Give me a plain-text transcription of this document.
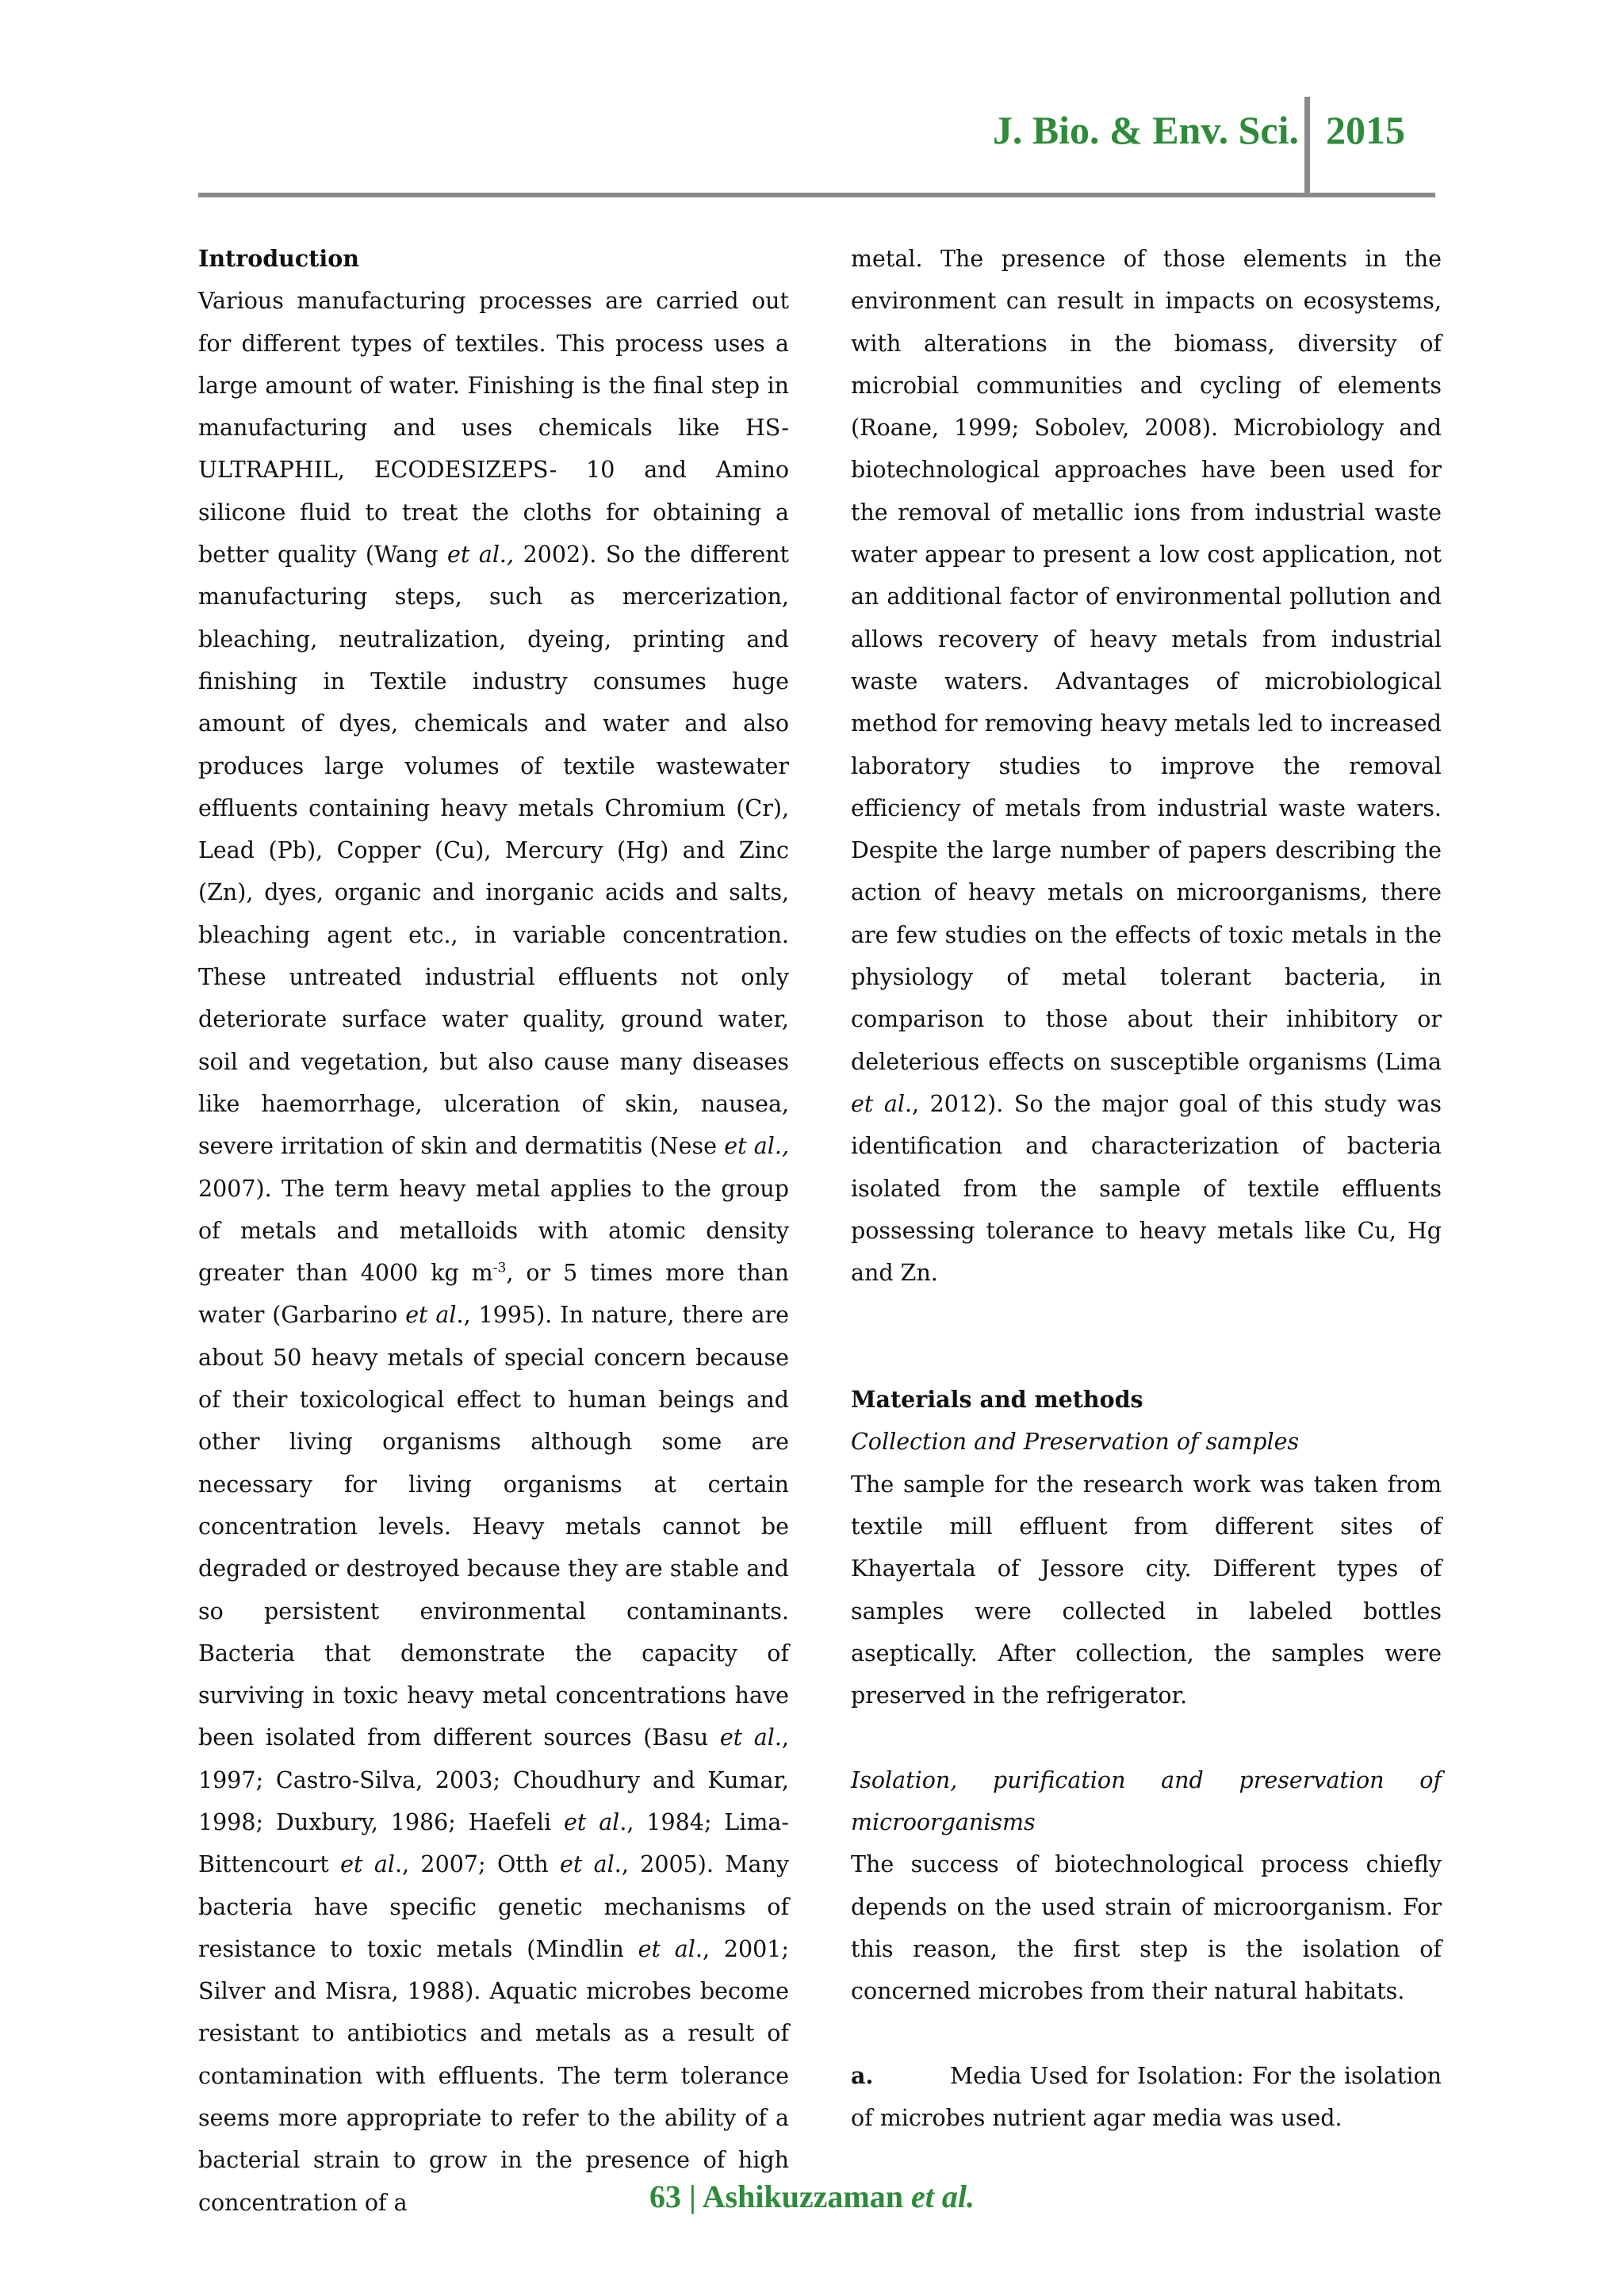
J. Bio. & Env. Sci. 2015

Introduction

Various manufacturing processes are carried out for different types of textiles. This process uses a large amount of water. Finishing is the final step in manufacturing and uses chemicals like HS-ULTRAPHIL, ECODESIZEPS- 10 and Amino silicone fluid to treat the cloths for obtaining a better quality (Wang et al., 2002). So the different manufacturing steps, such as mercerization, bleaching, neutralization, dyeing, printing and finishing in Textile industry consumes huge amount of dyes, chemicals and water and also produces large volumes of textile wastewater effluents containing heavy metals Chromium (Cr), Lead (Pb), Copper (Cu), Mercury (Hg) and Zinc (Zn), dyes, organic and inorganic acids and salts, bleaching agent etc., in variable concentration. These untreated industrial effluents not only deteriorate surface water quality, ground water, soil and vegetation, but also cause many diseases like haemorrhage, ulceration of skin, nausea, severe irritation of skin and dermatitis (Nese et al., 2007). The term heavy metal applies to the group of metals and metalloids with atomic density greater than 4000 kg $m^{-3}$, or 5 times more than water (Garbarino et al., 1995). In nature, there are about 50 heavy metals of special concern because of their toxicological effect to human beings and other living organisms although some are necessary for living organisms at certain concentration levels. Heavy metals cannot be degraded or destroyed because they are stable and so persistent environmental contaminants. Bacteria that demonstrate the capacity of surviving in toxic heavy metal concentrations have been isolated from different sources (Basu et al., 1997; Castro-Silva, 2003; Choudhury and Kumar, 1998; Duxbury, 1986; Haefeli et al., 1984; Lima-Bittencourt et al., 2007; Otth et al., 2005). Many bacteria have specific genetic mechanisms of resistance to toxic metals (Mindlin et al., 2001; Silver and Misra, 1988). Aquatic microbes become resistant to antibiotics and metals as a result of contamination with effluents. The term tolerance seems more appropriate to refer to the ability of a bacterial strain to grow in the presence of high concentration of a

metal. The presence of those elements in the environment can result in impacts on ecosystems, with alterations in the biomass, diversity of microbial communities and cycling of elements (Roane, 1999; Sobolev, 2008). Microbiology and biotechnological approaches have been used for the removal of metallic ions from industrial waste water appear to present a low cost application, not an additional factor of environmental pollution and allows recovery of heavy metals from industrial waste waters. Advantages of microbiological method for removing heavy metals led to increased laboratory studies to improve the removal efficiency of metals from industrial waste waters. Despite the large number of papers describing the action of heavy metals on microorganisms, there are few studies on the effects of toxic metals in the physiology of metal tolerant bacteria, in comparison to those about their inhibitory or deleterious effects on susceptible organisms (Lima et al., 2012). So the major goal of this study was identification and characterization of bacteria isolated from the sample of textile effluents possessing tolerance to heavy metals like Cu, Hg and Zn.

Materials and methods

Collection and Preservation of samples

The sample for the research work was taken from textile mill effluent from different sites of Khayertala of Jessore city. Different types of samples were collected in labeled bottles aseptically. After collection, the samples were preserved in the refrigerator.

Isolation, purification and preservation of microorganisms

The success of biotechnological process chiefly depends on the used strain of microorganism. For this reason, the first step is the isolation of concerned microbes from their natural habitats.

a.	Media Used for Isolation: For the isolation of microbes nutrient agar media was used.

63 | Ashikuzzaman et al.
